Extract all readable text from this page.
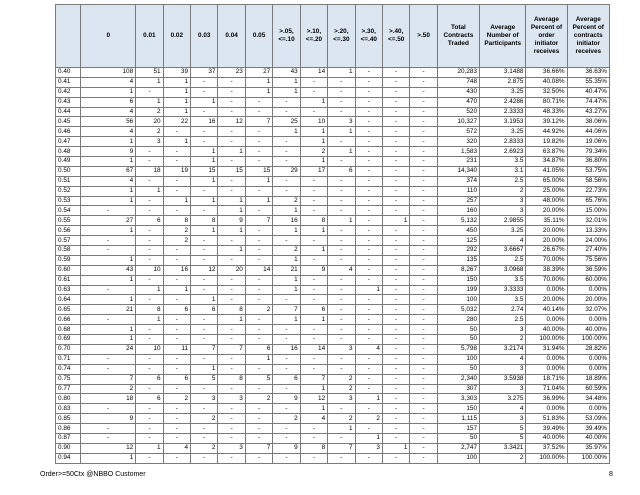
	0	0.01	0.02	0.03	0.04	0.05	>.05, <=.10	>.10, <=.20	>.20, <=.30	>.30, <=.40	>.40, <=.50	>.50	Total Contracts Traded	Average Number of Participants	Average Percent of order initiator receives	Average Percent of contracts initiator receives
0.40	108	51	39	37	23	27	43	14	1	-	-	-	20,283	3.1488	36.66%	36.63%
0.41	4	1	1	-	-	1	1	-	-	-	-	-	748	2.875	40.08%	55.35%
0.42	1	-	1	-	-	1	1	-	-	-	-	-	430	3.25	32.50%	40.47%
0.43	6	1	1	1	-	-	-	1	-	-	-	-	470	2.4286	80.71%	74.47%
0.44	4	2	1	-	-	-	-	-	-	-	-	-	520	2.3333	48.33%	43.27%
0.45	56	20	22	16	12	7	25	10	3	-	-	-	10,327	3.1953	39.12%	38.06%
0.46	4	2	-	-	-	-	1	1	1	-	-	-	572	3.25	44.92%	44.06%
0.47	1	3	1	-	-	-	-	1	-	-	-	-	320	2.8333	19.82%	19.06%
0.48	9	-	-	1	1	-	-	2	1	-	-	-	1,583	2.6923	63.87%	79.34%
0.49	1	-	-	1	-	-	-	1	-	-	-	-	231	3.5	34.87%	36.80%
0.50	67	18	19	15	15	15	29	17	6	-	-	-	14,340	3.1	41.05%	53.75%
0.51	4	-	-	1	-	1	-	-	-	-	-	-	374	2.5	65.00%	58.56%
0.52	1	1	-	-	-	-	-	-	-	-	-	-	110	2	25.00%	22.73%
0.53	1	-	1	1	1	1	2	-	-	-	-	-	257	3	48.00%	65.76%
0.54	-	-	-	-	1	-	1	-	-	-	-	-	160	3	20.00%	15.00%
0.55	27	6	8	8	9	7	16	8	1	-	1	-	5,132	2.9855	35.11%	32.01%
0.56	1	-	2	1	1	-	1	1	-	-	-	-	450	3.25	20.00%	13.33%
0.57	-	-	2	-	-	-	-	-	-	-	-	-	125	4	20.00%	24.00%
0.58	-	-	-	-	1	-	2	1	-	-	-	-	292	3.6667	26.67%	27.40%
0.59	1	-	-	-	-	-	1	-	-	-	-	-	135	2.5	70.00%	75.56%
0.60	43	10	16	12	20	14	21	9	4	-	-	-	8,267	3.0968	38.39%	36.59%
0.61	1	-	-	-	-	-	1	-	-	-	-	-	150	3.5	70.00%	60.00%
0.63	-	1	1	-	-	-	1	-	-	1	-	-	199	3.3333	0.00%	0.00%
0.64	1	-	-	1	-	-	-	-	-	-	-	-	100	3.5	20.00%	20.00%
0.65	21	8	6	6	8	2	7	6	-	-	-	-	5,032	2.74	40.14%	32.07%
0.66	-	1	-	-	1	-	1	1	-	-	-	-	280	2.5	0.00%	0.00%
0.68	1	-	-	-	-	-	-	-	-	-	-	-	50	3	40.00%	40.00%
0.69	1	-	-	-	-	-	-	-	-	-	-	-	50	2	100.00%	100.00%
0.70	24	10	11	7	7	6	16	14	3	4	-	-	5,798	3.2174	31.94%	28.82%
0.71	-	-	-	-	-	1	-	-	-	-	-	-	100	4	0.00%	0.00%
0.74	-	-	-	1	-	-	-	-	-	-	-	-	50	3	0.00%	0.00%
0.75	7	6	6	5	8	5	6	7	2	-	-	-	2,340	3.5938	18.71%	18.89%
0.77	2	-	-	-	-	-	-	1	2	-	-	-	307	3	71.04%	60.59%
0.80	18	6	2	3	3	2	9	12	3	1	-	-	3,303	3.275	36.99%	34.48%
0.83	-	-	-	-	-	-	-	1	-	-	-	-	150	4	0.00%	0.00%
0.85	9	-	-	2	-	-	2	4	2	2	-	-	1,115	3	51.83%	53.09%
0.86	-	-	-	-	-	-	-	-	1	-	-	-	157	5	39.49%	39.49%
0.87	-	-	-	-	-	-	-	-	-	1	-	-	50	5	40.00%	40.00%
0.90	12	1	4	2	3	7	9	8	7	3	1	-	2,747	3.3421	37.52%	35.97%
0.94	1	-	-	-	-	-	-	-	-	-	-	-	100	2	100.00%	100.00%
Order>=50Ctx @NBBO Customer	8
